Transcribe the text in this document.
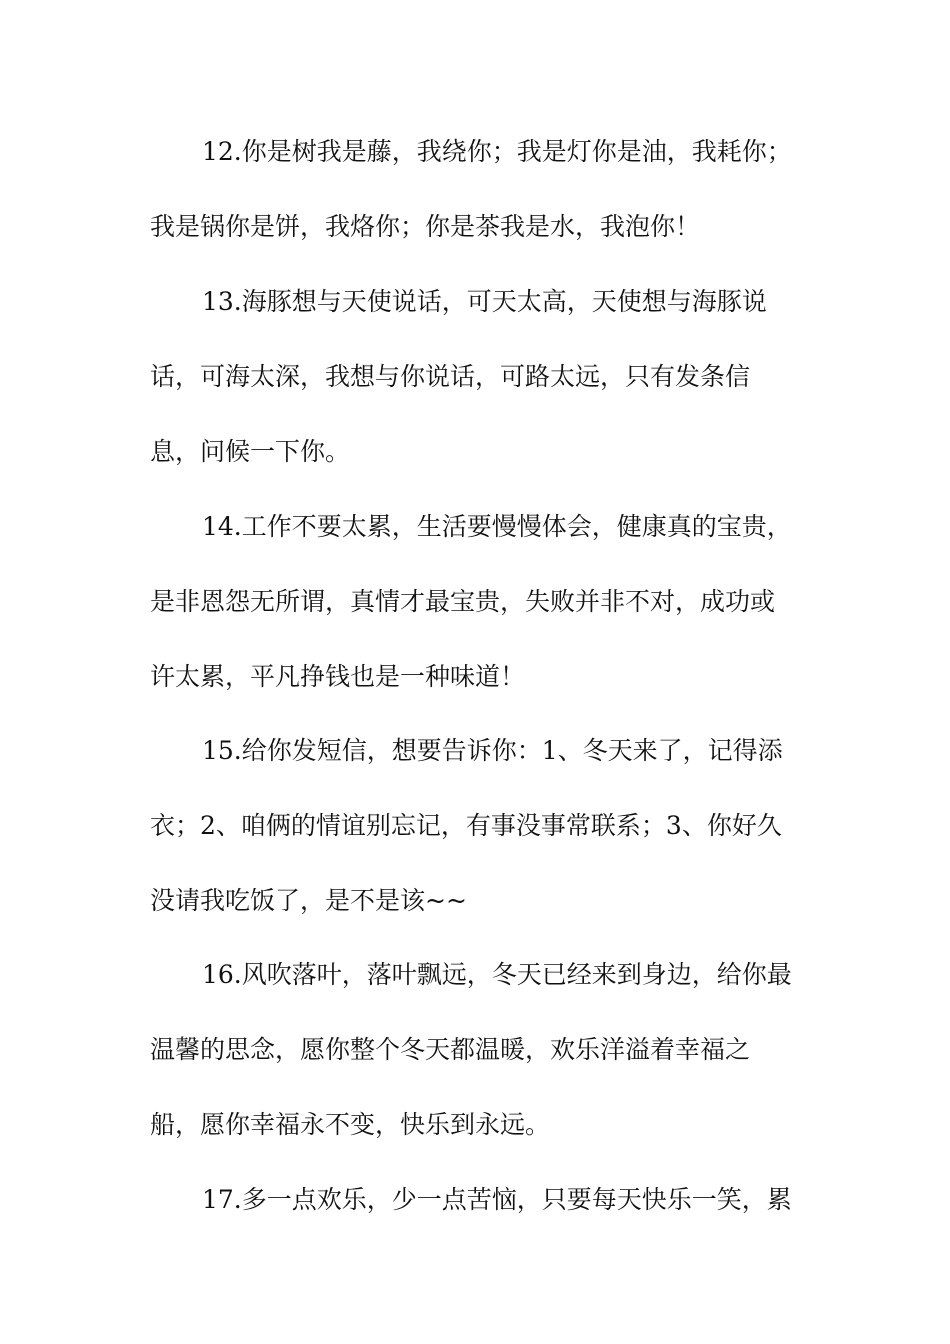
12.你是树我是藤，我绕你；我是灯你是油，我耗你；
我是锅你是饼，我烙你；你是茶我是水，我泡你！
13.海豚想与天使说话，可天太高，天使想与海豚说
话，可海太深，我想与你说话，可路太远，只有发条信
息，问候一下你。
14.工作不要太累，生活要慢慢体会，健康真的宝贵，
是非恩怨无所谓，真情才最宝贵，失败并非不对，成功或
许太累，平凡挣钱也是一种味道！
15.给你发短信，想要告诉你：1、冬天来了，记得添
衣；2、咱俩的情谊别忘记，有事没事常联系；3、你好久
没请我吃饭了，是不是该~~
16.风吹落叶，落叶飘远，冬天已经来到身边，给你最
温馨的思念，愿你整个冬天都温暖，欢乐洋溢着幸福之
船，愿你幸福永不变，快乐到永远。
17.多一点欢乐，少一点苦恼，只要每天快乐一笑，累
